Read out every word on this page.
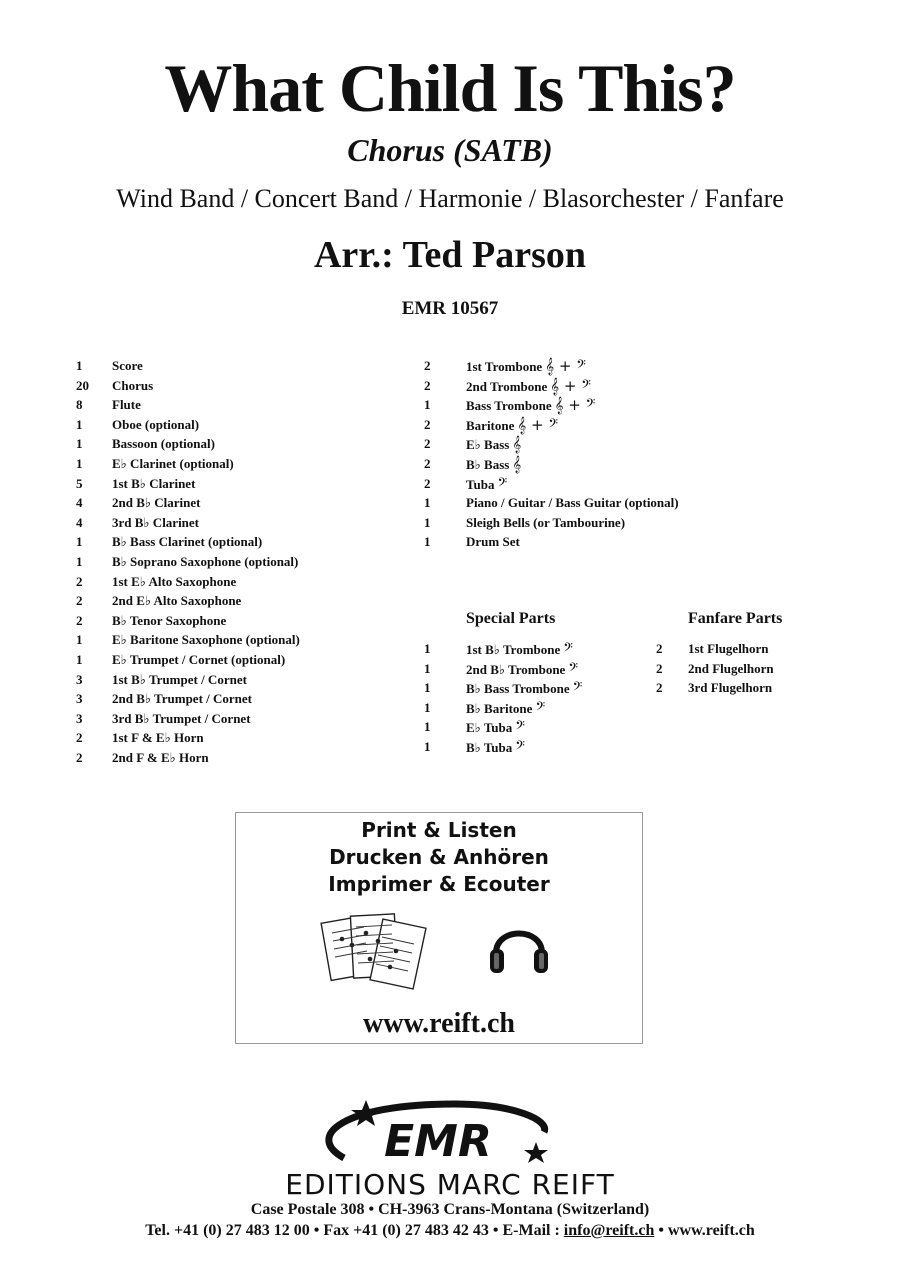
What Child Is This?
Chorus (SATB)
Wind Band / Concert Band / Harmonie / Blasorchester / Fanfare
Arr.: Ted Parson
EMR 10567
1 Score
20 Chorus
8 Flute
1 Oboe (optional)
1 Bassoon (optional)
1 E♭ Clarinet (optional)
5 1st B♭ Clarinet
4 2nd B♭ Clarinet
4 3rd B♭ Clarinet
1 B♭ Bass Clarinet (optional)
1 B♭ Soprano Saxophone (optional)
2 1st E♭ Alto Saxophone
2 2nd E♭ Alto Saxophone
2 B♭ Tenor Saxophone
1 E♭ Baritone Saxophone (optional)
1 E♭ Trumpet / Cornet (optional)
3 1st B♭ Trumpet / Cornet
3 2nd B♭ Trumpet / Cornet
3 3rd B♭ Trumpet / Cornet
2 1st F & E♭ Horn
2 2nd F & E♭ Horn
2	1st Trombone 𝄞 + 𝄢
2	2nd Trombone 𝄞 + 𝄢
1	Bass Trombone 𝄞 + 𝄢
2	Baritone 𝄞 + 𝄢
2	E♭ Bass 𝄞
2	B♭ Bass 𝄞
2	Tuba 𝄢
1	Piano / Guitar / Bass Guitar (optional)
1	Sleigh Bells (or Tambourine)
1	Drum Set
Special Parts	Fanfare Parts
1	1st B♭ Trombone 𝄢
1	2nd B♭ Trombone 𝄢
1	B♭ Bass Trombone 𝄢
1	B♭ Baritone 𝄢
1	E♭ Tuba 𝄢
1	B♭ Tuba 𝄢
2 1st Flugelhorn
2 2nd Flugelhorn
2 3rd Flugelhorn
Print & Listen
Drucken & Anhören
Imprimer & Ecouter
www.reift.ch
EMR
EDITIONS MARC REIFT
Case Postale 308 • CH-3963 Crans-Montana (Switzerland)
Tel. +41 (0) 27 483 12 00 • Fax +41 (0) 27 483 42 43 • E-Mail : info@reift.ch • www.reift.ch
